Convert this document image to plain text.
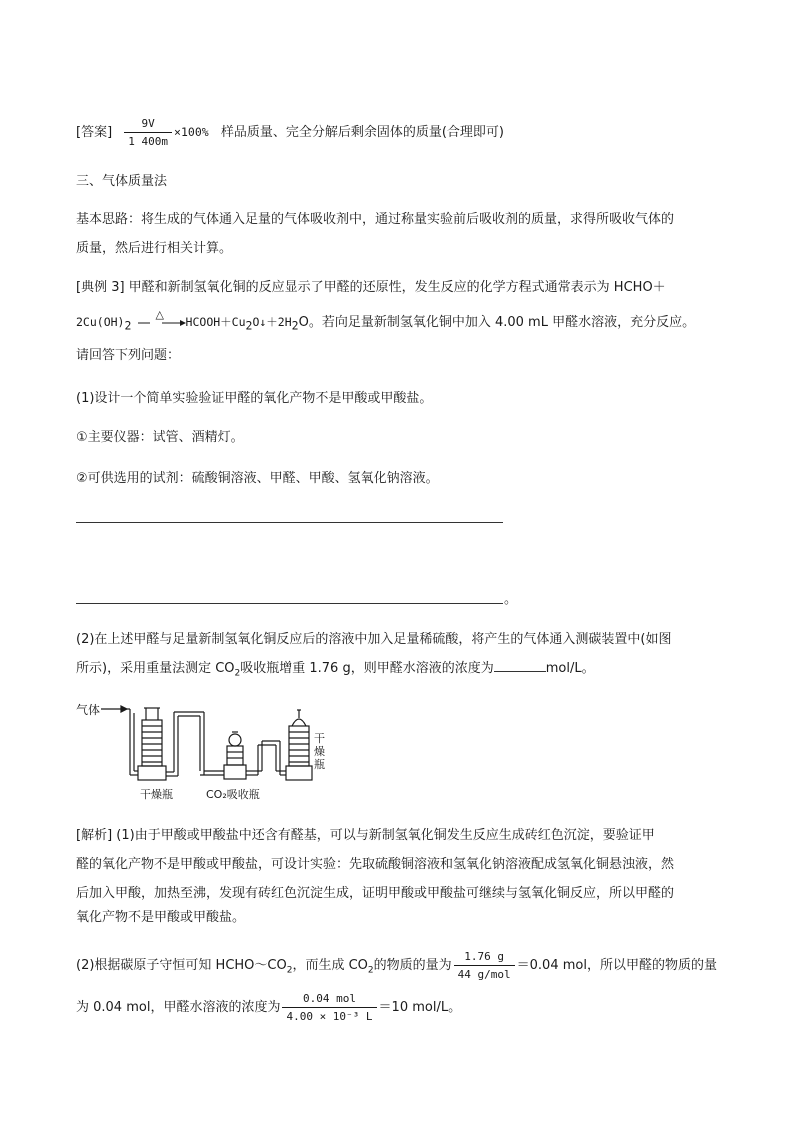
[答案] $\frac{9V}{1 400m} \times 100\%$ 样品质量、完全分解后剩余固体的质量(合理即可)
三、气体质量法
基本思路：将生成的气体通入足量的气体吸收剂中，通过称量实验前后吸收剂的质量，求得所吸收气体的
质量，然后进行相关计算。
[典例 3] 甲醛和新制氢氧化铜的反应显示了甲醛的还原性，发生反应的化学方程式通常表示为 HCHO＋
$2Cu(OH)_2$
△
$HCOOH+Cu_2O↓+2H_2O$。若向足量新制氢氧化铜中加入 4.00 mL 甲醛水溶液，充分反应。
请回答下列问题：
(1)设计一个简单实验验证甲醛的氧化产物不是甲酸或甲酸盐。
①主要仪器：试管、酒精灯。
②可供选用的试剂：硫酸铜溶液、甲醛、甲酸、氢氧化钠溶液。
。
(2)在上述甲醛与足量新制氢氧化铜反应后的溶液中加入足量稀硫酸，将产生的气体通入测碳装置中(如图
所示)，采用重量法测定 $CO_2$吸收瓶增重 1.76 g，则甲醛水溶液的浓度为	mol/L。
气体
干燥瓶	CO₂吸收瓶
干燥瓶
[解析] (1)由于甲酸或甲酸盐中还含有醛基，可以与新制氢氧化铜发生反应生成砖红色沉淀，要验证甲
醛的氧化产物不是甲酸或甲酸盐，可设计实验：先取硫酸铜溶液和氢氧化钠溶液配成氢氧化铜悬浊液，然
后加入甲酸，加热至沸，发现有砖红色沉淀生成，证明甲酸或甲酸盐可继续与氢氧化铜反应，所以甲醛的
氧化产物不是甲酸或甲酸盐。
(2)根据碳原子守恒可知 $HCHO\sim CO_2$，而生成 $CO_2$的物质的量为 $\frac{1.76 g}{\text{44 g/mol}} =0.04$ mol，所以甲醛的物质的量
为 0.04 mol，甲醛水溶液的浓度为 $\frac{\text{0.04 mol}}{\text{4.00 × 10⁻³ L}} =10$ mol/L。
